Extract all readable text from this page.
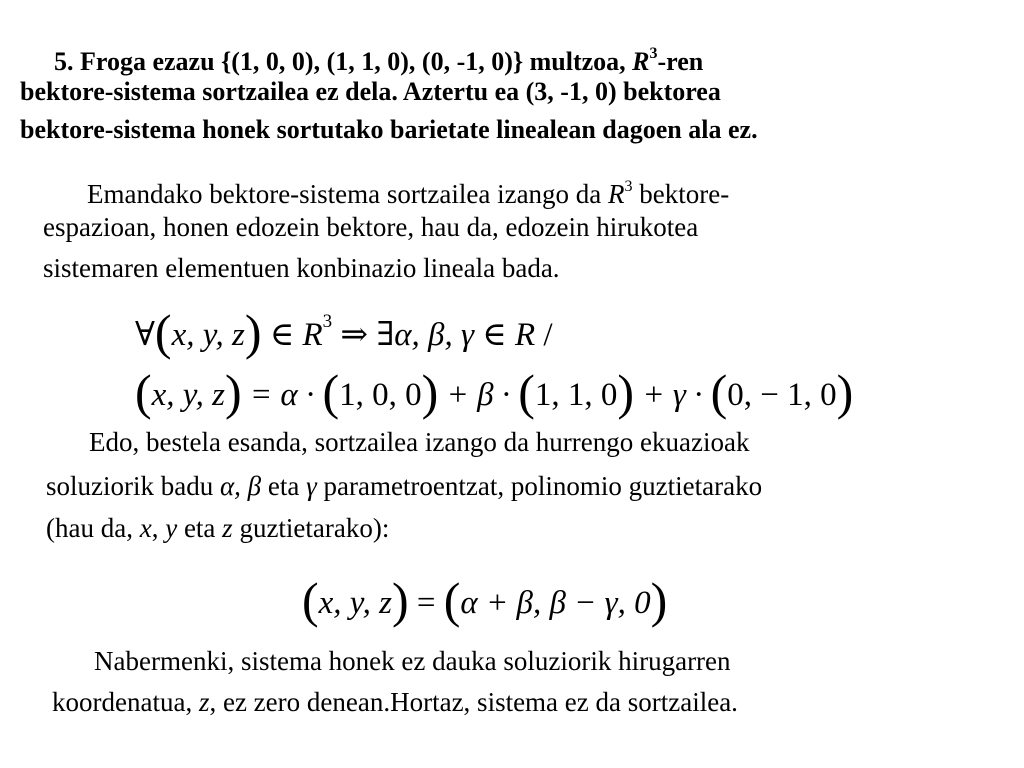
5. Froga ezazu {(1, 0, 0), (1, 1, 0), (0, -1, 0)} multzoa, $R^3$-ren
bektore-sistema sortzailea ez dela. Aztertu ea (3, -1, 0) bektorea
bektore-sistema honek sortutako barietate linealean dagoen ala ez.
Emandako bektore-sistema sortzailea izango da $R^3$ bektore-
espazioan, honen edozein bektore, hau da, edozein hirukotea
sistemaren elementuen konbinazio lineala bada.
∀(x, y, z) ∈ $R^3$ ⇒ ∃α, β, γ ∈ R /
(x, y, z) = α · (1, 0, 0) + β · (1, 1, 0) + γ · (0, − 1, 0)
Edo, bestela esanda, sortzailea izango da hurrengo ekuazioak
soluziorik badu α, β eta γ parametroentzat, polinomio guztietarako
(hau da, x, y eta z guztietarako):
(x, y, z) = (α + β, β − γ, 0)
Nabermenki, sistema honek ez dauka soluziorik hirugarren
koordenatua, z, ez zero denean.Hortaz, sistema ez da sortzailea.
